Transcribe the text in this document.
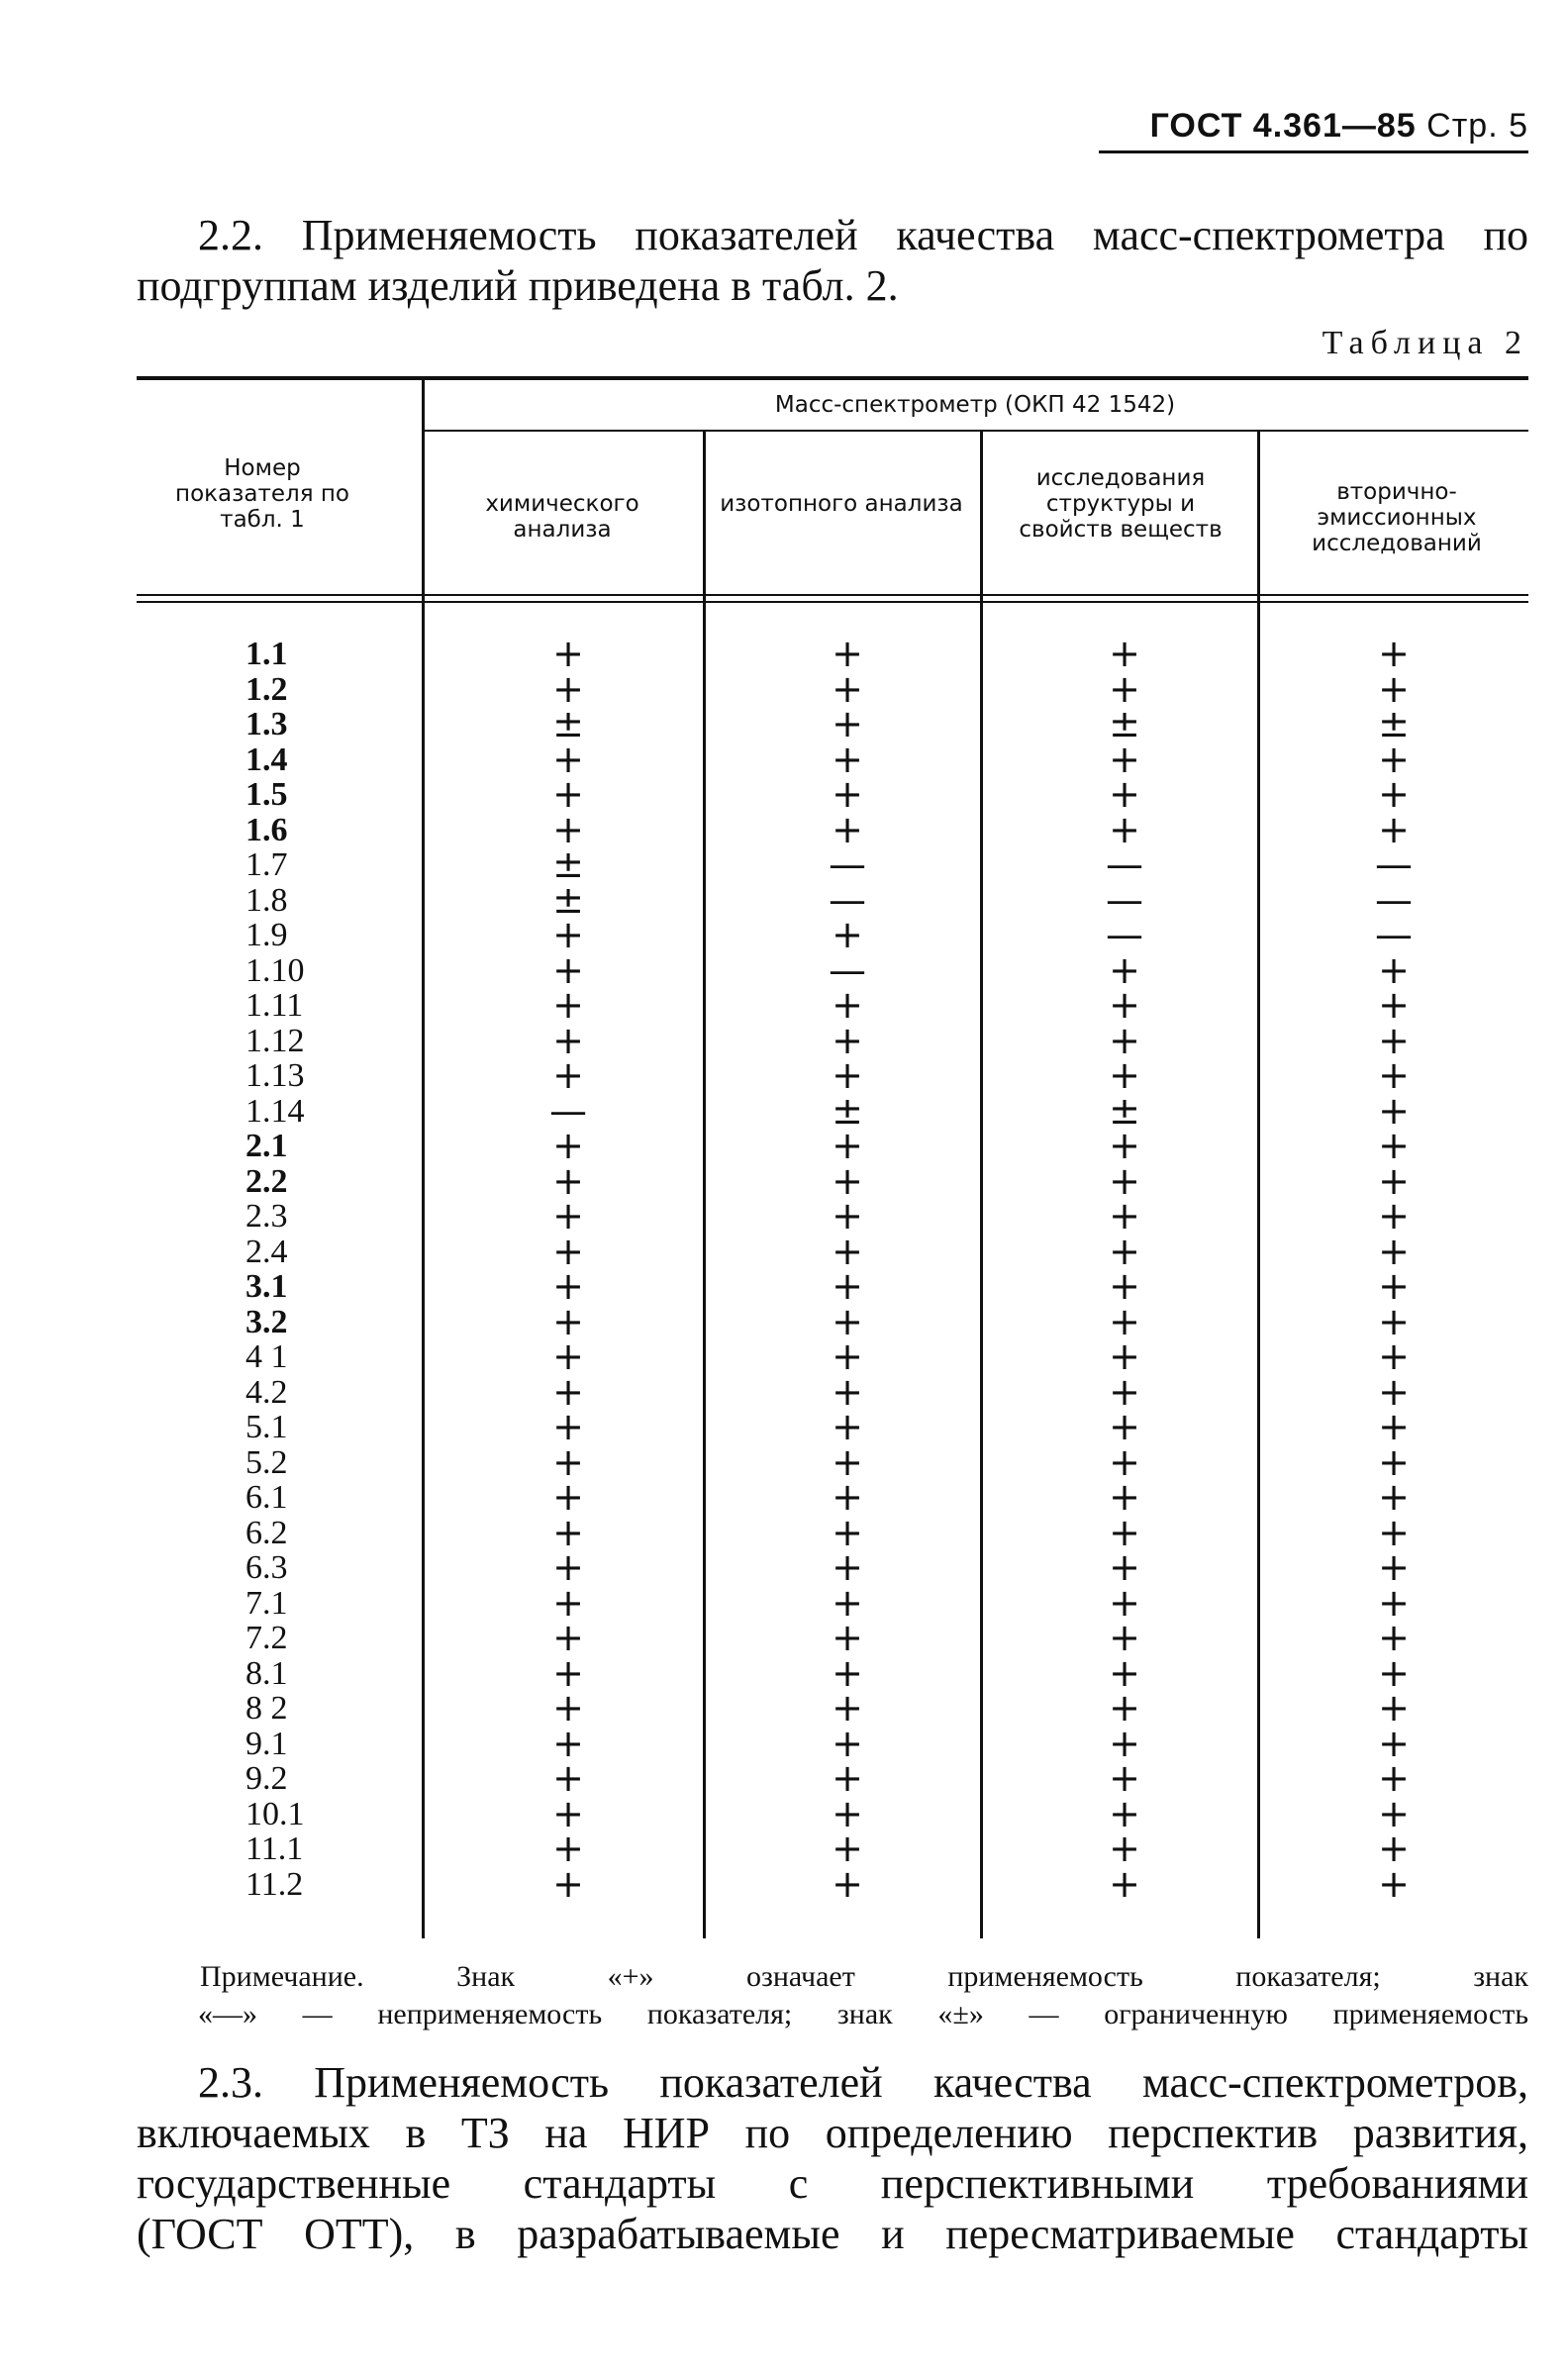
ГОСТ 4.361—85 Стр. 5
2.2. Применяемость показателей качества масс-спектрометра по
подгруппам изделий приведена в табл. 2.
Таблица 2
Номер показателя по табл. 1
Масс-спектрометр (ОКП 42 1542)
химического анализа
изотопного анализа
исследования структуры и свойств веществ
вторично-эмиссионных исследований
1.1
1.2
1.3
1.4
1.5
1.6
1.7
1.8
1.9
1.10
1.11
1.12
1.13
1.14
2.1
2.2
2.3
2.4
3.1
3.2
4 1
4.2
5.1
5.2
6.1
6.2
6.3
7.1
7.2
8.1
8 2
9.1
9.2
10.1
11.1
11.2
+
+
±
+
+
+
±
±
+
+
+
+
+
—
+
+
+
+
+
+
+
+
+
+
+
+
+
+
+
+
+
+
+
+
+
+
+
+
+
+
+
+
—
—
+
—
+
+
+
±
+
+
+
+
+
+
+
+
+
+
+
+
+
+
+
+
+
+
+
+
+
+
+
+
±
+
+
+
—
—
—
+
+
+
+
±
+
+
+
+
+
+
+
+
+
+
+
+
+
+
+
+
+
+
+
+
+
+
+
+
±
+
+
+
—
—
—
+
+
+
+
+
+
+
+
+
+
+
+
+
+
+
+
+
+
+
+
+
+
+
+
+
+
+
Примечание. Знак «+» означает применяемость показателя; знак
«—» — неприменяемость показателя; знак «±» — ограниченную применяемость
2.3. Применяемость показателей качества масс-спектрометров,
включаемых в ТЗ на НИР по определению перспектив развития,
государственные стандарты с перспективными требованиями
(ГОСТ ОТТ), в разрабатываемые и пересматриваемые стандарты
